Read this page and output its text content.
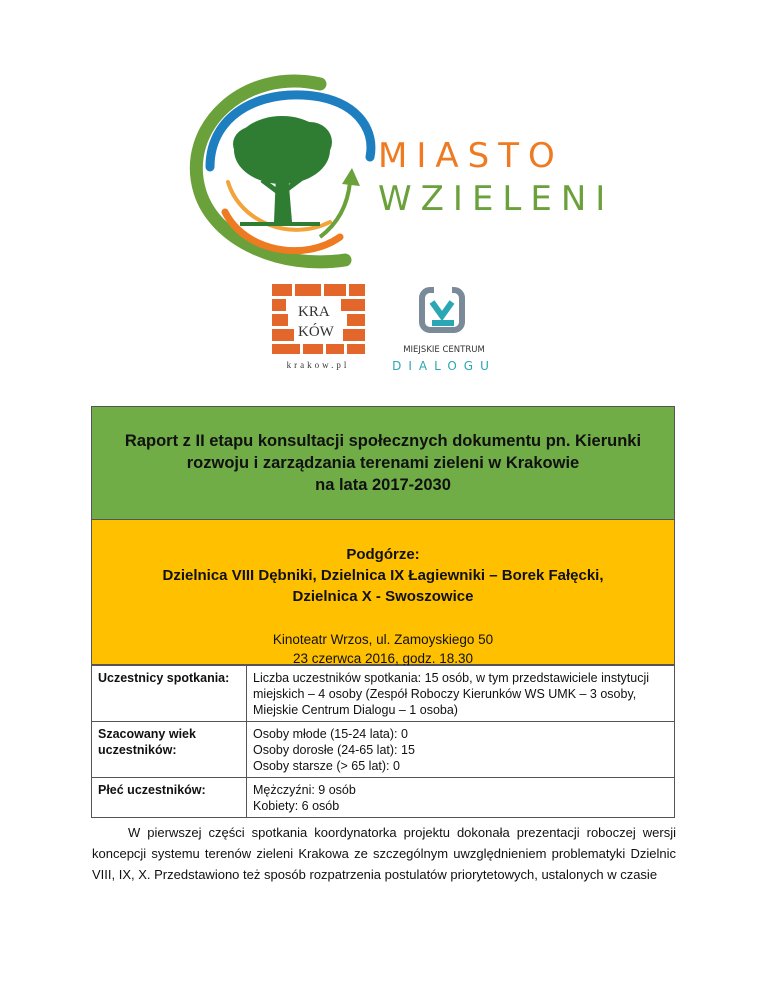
MIASTO
WZIELENI
KRA
KÓW
krakow.pl
MIEJSKIE CENTRUM
DIALOGU
Raport z II etapu konsultacji społecznych dokumentu pn. Kierunki
rozwoju i zarządzania terenami zieleni w Krakowie
na lata 2017-2030
Podgórze:
Dzielnica VIII Dębniki, Dzielnica IX Łagiewniki – Borek Fałęcki,
Dzielnica X - Swoszowice
Kinoteatr Wrzos, ul. Zamoyskiego 50
23 czerwca 2016, godz. 18.30
Uczestnicy spotkania:	Liczba uczestników spotkania: 15 osób, w tym przedstawiciele instytucji
miejskich – 4 osoby (Zespół Roboczy Kierunków WS UMK – 3 osoby,
Miejskie Centrum Dialogu – 1 osoba)

Szacowany wiek uczestników:	Osoby młode (15-24 lata): 0
Osoby dorosłe (24-65 lat): 15
Osoby starsze (> 65 lat): 0

Płeć uczestników:	Mężczyźni: 9 osób
Kobiety: 6 osób

W pierwszej części spotkania koordynatorka projektu dokonała prezentacji roboczej wersji koncepcji systemu terenów zieleni Krakowa ze szczególnym uwzględnieniem problematyki Dzielnic VIII, IX, X. Przedstawiono też sposób rozpatrzenia postulatów priorytetowych, ustalonych w czasie
